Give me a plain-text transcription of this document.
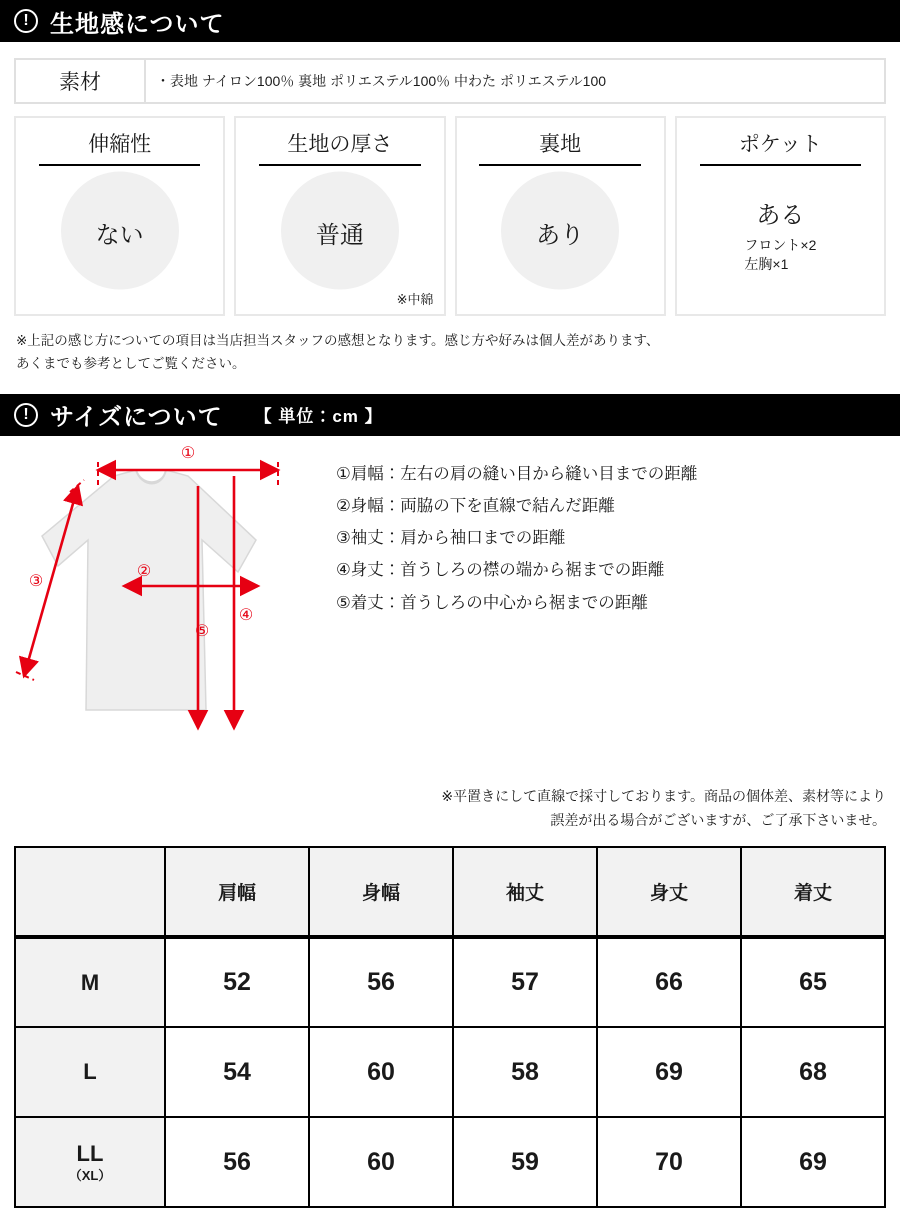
! 生地感について
素材	・表地 ナイロン100％ 裏地 ポリエステル100％ 中わた ポリエステル100
伸縮性
ない
生地の厚さ
普通
※中綿
裏地
あり
ポケット
ある
フロント×2
左胸×1
※上記の感じ方についての項目は当店担当スタッフの感想となります。感じ方や好みは個人差があります、
あくまでも参考としてご覧ください。
! サイズについて 【 単位：cm 】
①
②
③
④
⑤
①肩幅：左右の肩の縫い目から縫い目までの距離
②身幅：両脇の下を直線で結んだ距離
③袖丈：肩から袖口までの距離
④身丈：首うしろの襟の端から裾までの距離
⑤着丈：首うしろの中心から裾までの距離
※平置きにして直線で採寸しております。商品の個体差、素材等により
誤差が出る場合がございますが、ご了承下さいませ。
	肩幅	身幅	袖丈	身丈	着丈
M	52	56	57	66	65
L	54	60	58	69	68
LL
（XL）	56	60	59	70	69
